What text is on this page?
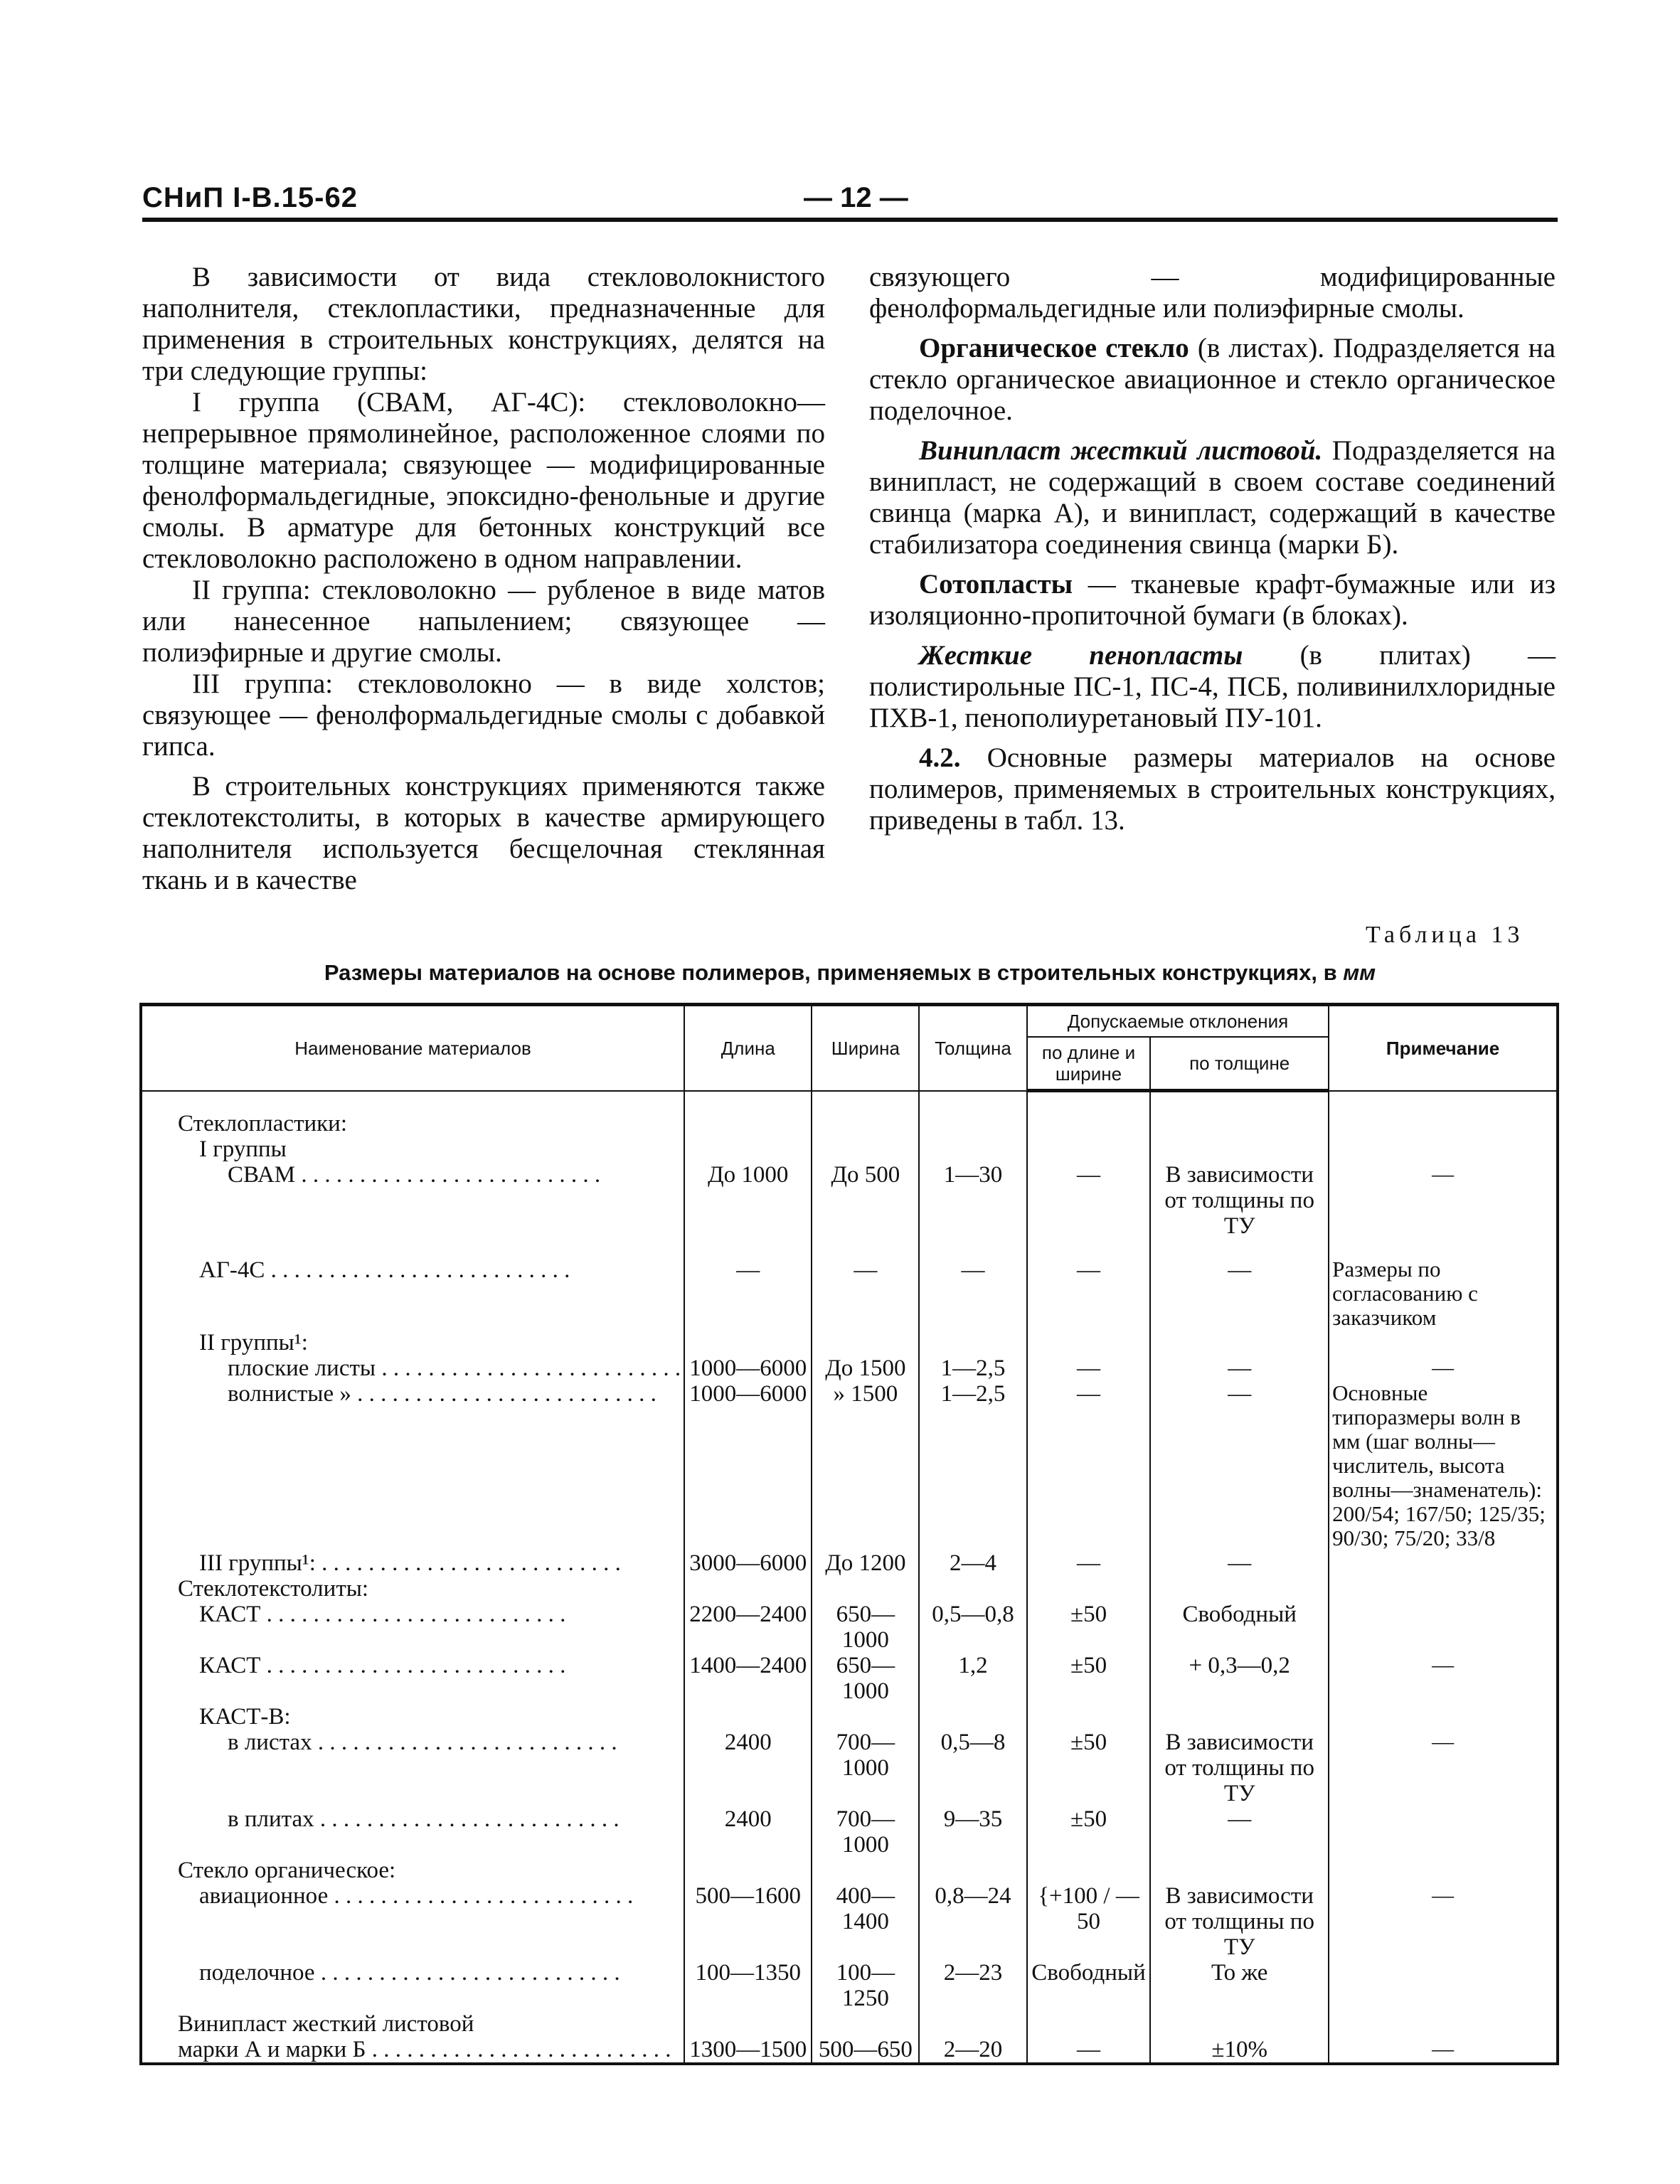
СНиП I-В.15-62	— 12 —

В зависимости от вида стекловолокнистого наполнителя, стеклопластики, предназначенные для применения в строительных конструкциях, делятся на три следующие группы:

I группа (СВАМ, АГ-4С): стекловолокно—непрерывное прямолинейное, расположенное слоями по толщине материала; связующее — модифицированные фенолформальдегидные, эпоксидно-фенольные и другие смолы. В арматуре для бетонных конструкций все стекловолокно расположено в одном направлении.

II группа: стекловолокно — рубленое в виде матов или нанесенное напылением; связующее — полиэфирные и другие смолы.

III группа: стекловолокно — в виде холстов; связующее — фенолформальдегидные смолы с добавкой гипса.

В строительных конструкциях применяются также стеклотекстолиты, в которых в качестве армирующего наполнителя используется бесщелочная стеклянная ткань и в качестве

связующего — модифицированные фенолформальдегидные или полиэфирные смолы.

Органическое стекло (в листах). Подразделяется на стекло органическое авиационное и стекло органическое поделочное.

Винипласт жесткий листовой. Подразделяется на винипласт, не содержащий в своем составе соединений свинца (марка А), и винипласт, содержащий в качестве стабилизатора соединения свинца (марки Б).

Сотопласты — тканевые крафт-бумажные или из изоляционно-пропиточной бумаги (в блоках).

Жесткие пенопласты (в плитах) — полистирольные ПС-1, ПС-4, ПСБ, поливинилхлоридные ПХВ-1, пенополиуретановый ПУ-101.

4.2. Основные размеры материалов на основе полимеров, применяемых в строительных конструкциях, приведены в табл. 13.

Таблица 13
Размеры материалов на основе полимеров, применяемых в строительных конструкциях, в мм
Наименование материалов	Длина	Ширина	Толщина	Допускаемые отклонения		Примечание
				по длине и ширине	по толщине	

Стеклопластики:						
I группы						
СВАМ . . .	До 1000	До 500	1—30	—	В зависимости от толщины по ТУ	—

АГ-4С . . .	—	—	—	—	—	Размеры по согласованию с заказчиком
II группы¹:						
плоские листы . . .	1000—6000	До 1500	1—2,5	—	—	—
волнистые » . . .	1000—6000	» 1500	1—2,5	—	—	Основные типоразмеры волн в мм (шаг волны—числитель, высота волны—знаменатель): 200/54; 167/50; 125/35; 90/30; 75/20; 33/8
III группы¹: . . .	3000—6000	До 1200	2—4	—	—	
Стеклотекстолиты:						
КАСТ . . .	2200—2400	650—1000	0,5—0,8	±50	Свободный	
КАСТ . . .	1400—2400	650—1000	1,2	±50	+ 0,3—0,2	—
КАСТ-В:						
в листах . . .	2400	700—1000	0,5—8	±50	В зависимости от толщины по ТУ	—
в плитах . . .	2400	700—1000	9—35	±50	—	
Стекло органическое:						
авиационное . . .	500—1600	400—1400	0,8—24	{+100 / —50	В зависимости от толщины по ТУ	—
поделочное . . .	100—1350	100—1250	2—23	Свободный	То же	
Винипласт жесткий листовой						
марки А и марки Б . . .	1300—1500	500—650	2—20	—	±10%	—
